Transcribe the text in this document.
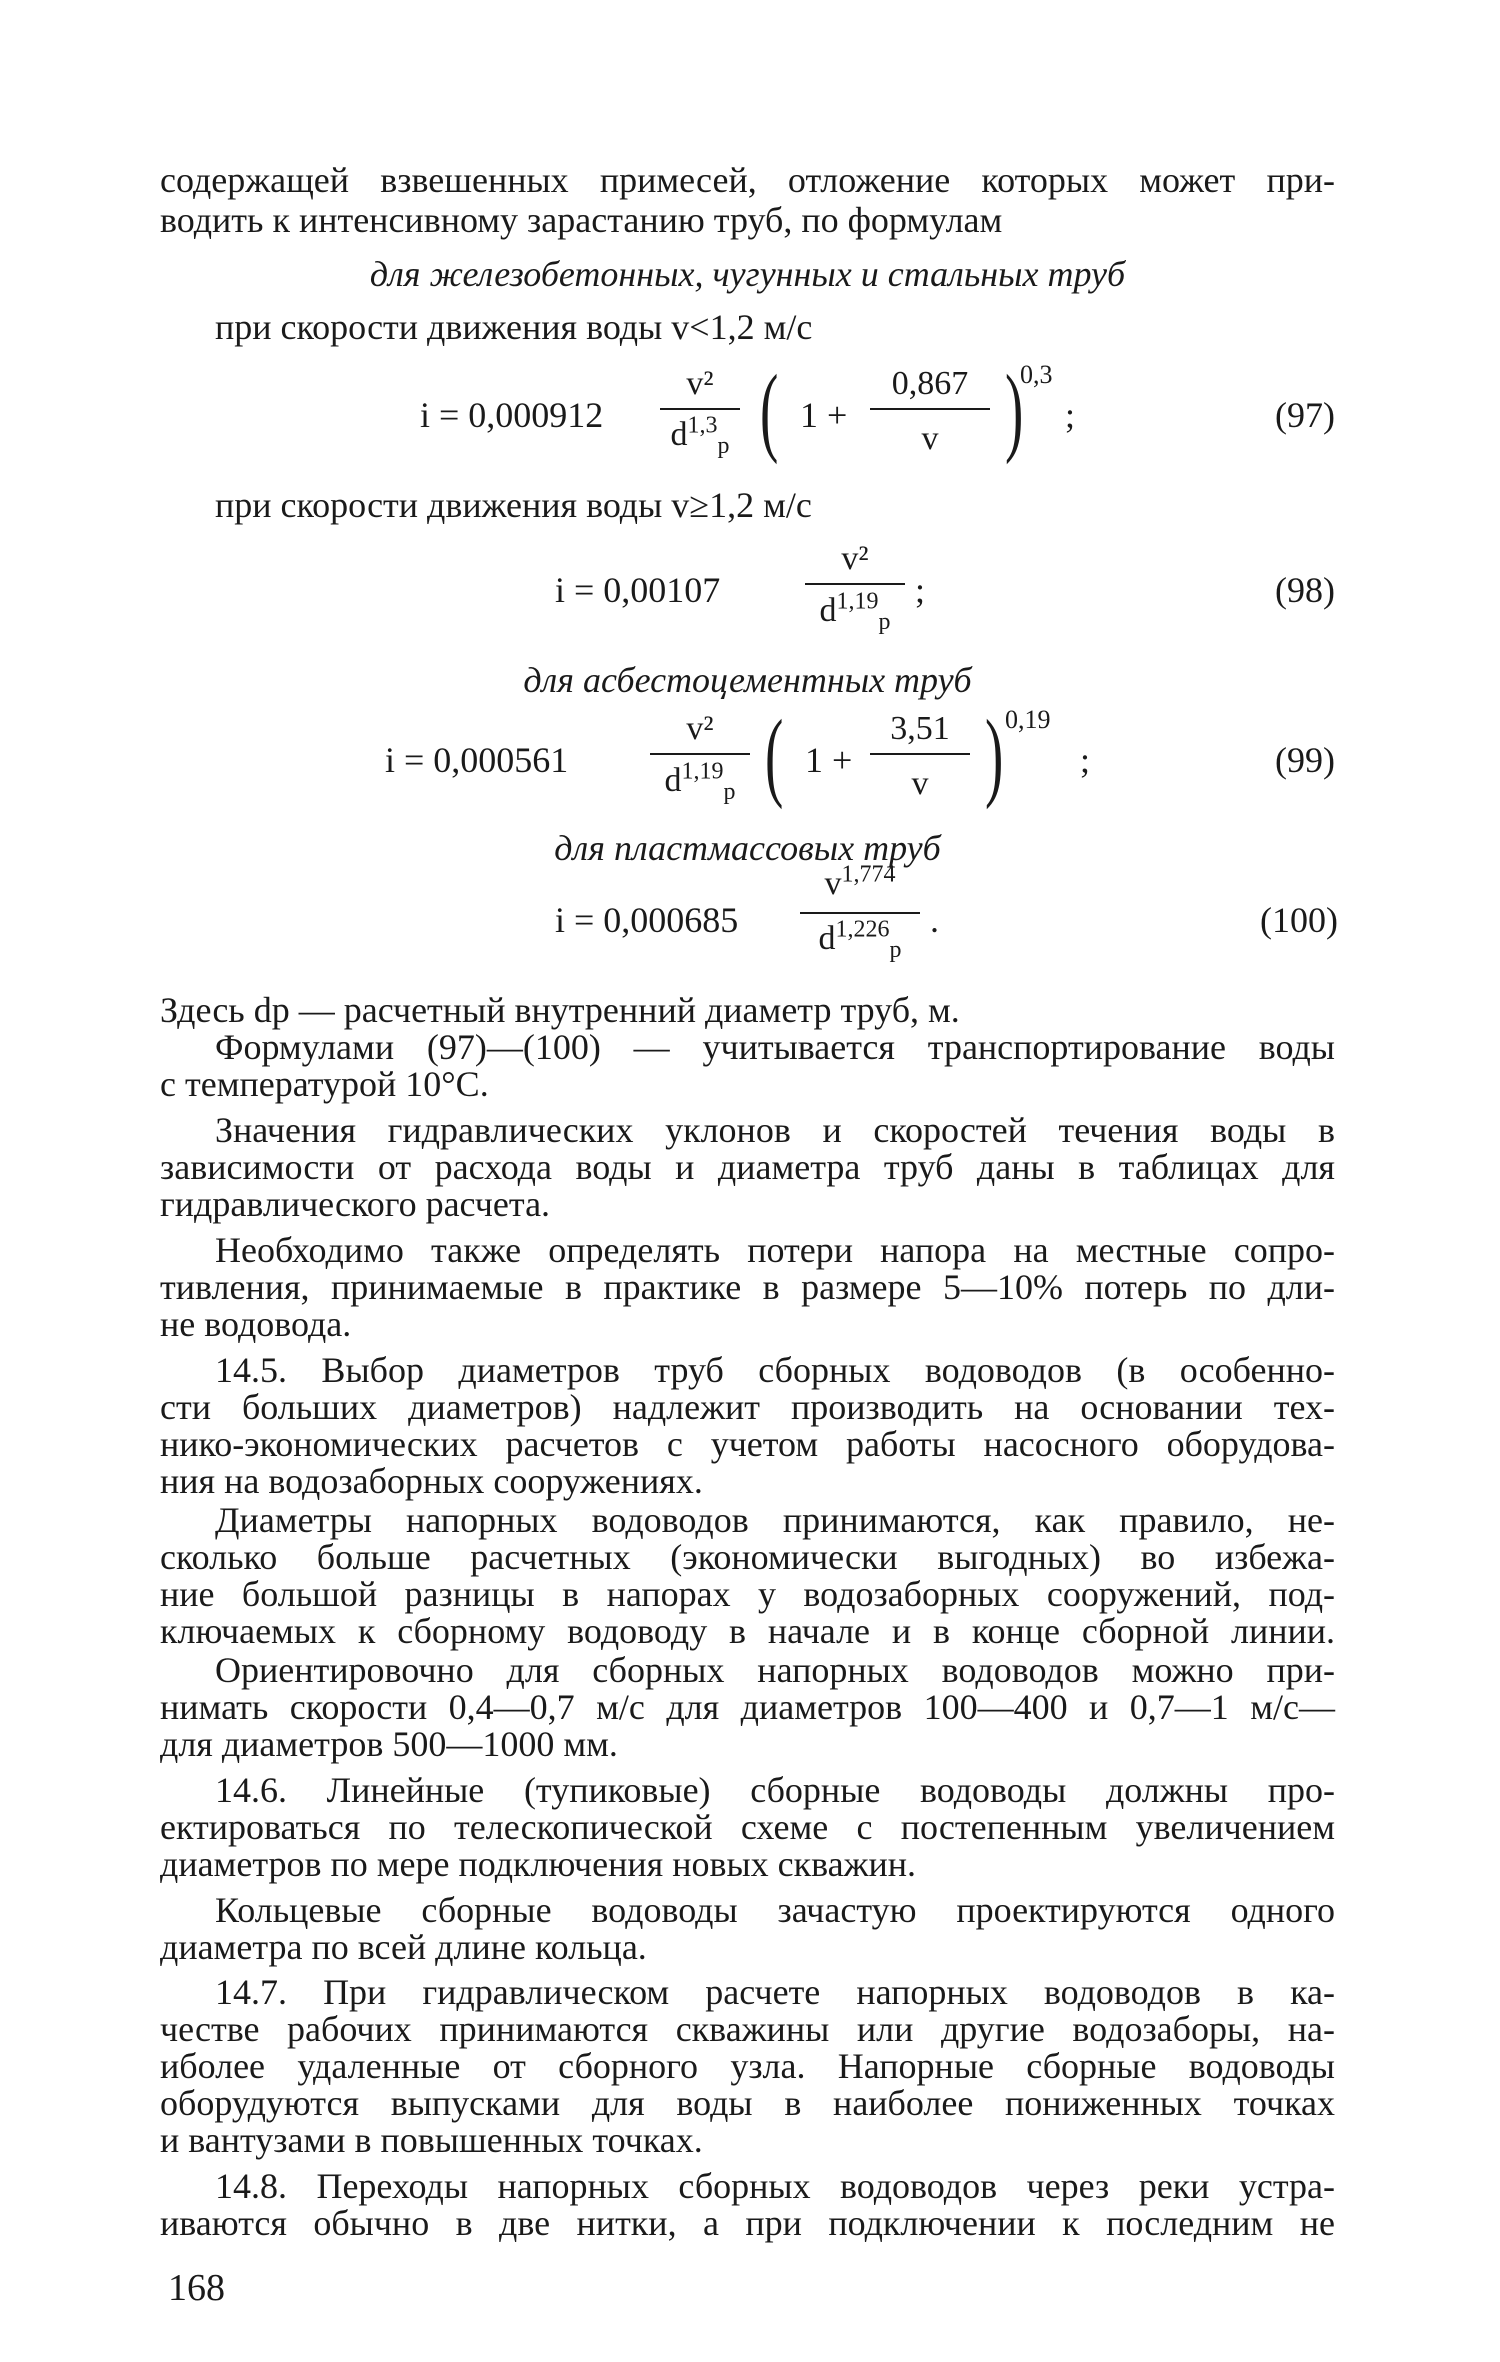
содержащей взвешенных примесей, отложение которых может при-
водить к интенсивному зарастанию труб, по формулам
для железобетонных, чугунных и стальных труб
при скорости движения воды v<1,2 м/с
i = 0,000912
v²
$d^{1,3}_р$ ( 1 +
0,867
v )
0,3
;	(97)
при скорости движения воды v≥1,2 м/с
i = 0,00107
v²
$d^{1,19}_р$
;	(98)
для асбестоцементных труб
i = 0,000561
v²
$d^{1,19}_р$ ( 1 +
3,51
v ) 0,19
;	(99)
для пластмассовых труб
i = 0,000685
$v^{1,774}$
$d^{1,226}_р$
.	(100)
Здесь dр — расчетный внутренний диаметр труб, м.
Формулами (97)—(100) — учитывается транспортирование воды
с температурой 10°С.
Значения гидравлических уклонов и скоростей течения воды в
зависимости от расхода воды и диаметра труб даны в таблицах для
гидравлического расчета.
Необходимо также определять потери напора на местные сопро-
тивления, принимаемые в практике в размере 5—10% потерь по дли-
не водовода.
14.5. Выбор диаметров труб сборных водоводов (в особенно-
сти больших диаметров) надлежит производить на основании тех-
нико-экономических расчетов с учетом работы насосного оборудова-
ния на водозаборных сооружениях.
Диаметры напорных водоводов принимаются, как правило, не-
сколько больше расчетных (экономически выгодных) во избежа-
ние большой разницы в напорах у водозаборных сооружений, под-
ключаемых к сборному водоводу в начале и в конце сборной линии.
Ориентировочно для сборных напорных водоводов можно при-
нимать скорости 0,4—0,7 м/с для диаметров 100—400 и 0,7—1 м/с—
для диаметров 500—1000 мм.
14.6. Линейные (тупиковые) сборные водоводы должны про-
ектироваться по телескопической схеме с постепенным увеличением
диаметров по мере подключения новых скважин.
Кольцевые сборные водоводы зачастую проектируются одного
диаметра по всей длине кольца.
14.7. При гидравлическом расчете напорных водоводов в ка-
честве рабочих принимаются скважины или другие водозаборы, на-
иболее удаленные от сборного узла. Напорные сборные водоводы
оборудуются выпусками для воды в наиболее пониженных точках
и вантузами в повышенных точках.
14.8. Переходы напорных сборных водоводов через реки устра-
иваются обычно в две нитки, а при подключении к последним не
168
